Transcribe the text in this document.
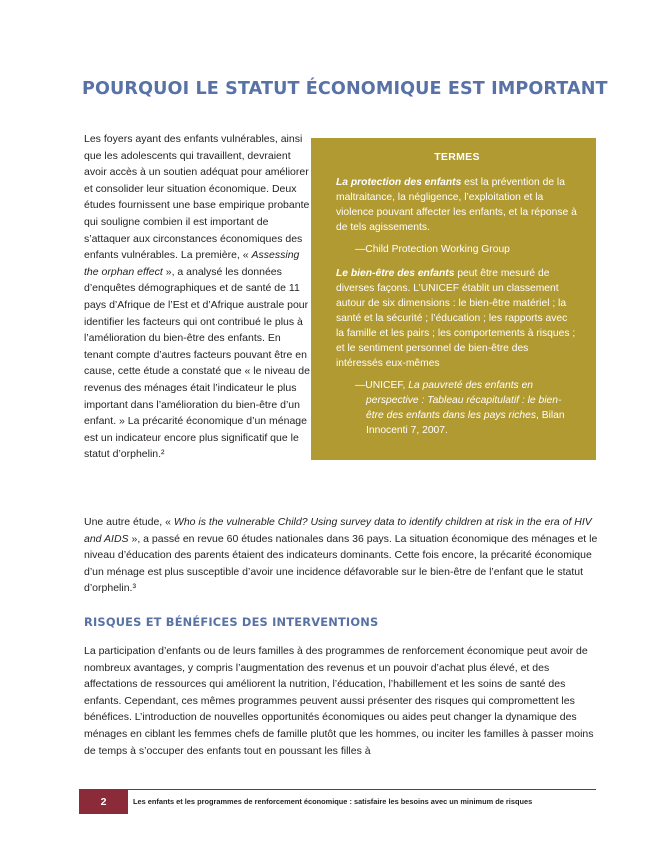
POURQUOI LE STATUT ÉCONOMIQUE EST IMPORTANT
Les foyers ayant des enfants vulnérables, ainsi que les adolescents qui travaillent, devraient avoir accès à un soutien adéquat pour améliorer et consolider leur situation économique. Deux études fournissent une base empirique probante qui souligne combien il est important de s’attaquer aux circonstances économiques des enfants vulnérables. La première, « Assessing the orphan effect », a analysé les données d’enquêtes démographiques et de santé de 11 pays d’Afrique de l’Est et d’Afrique australe pour identifier les facteurs qui ont contribué le plus à l’amélioration du bien-être des enfants. En tenant compte d’autres facteurs pouvant être en cause, cette étude a constaté que « le niveau de revenus des ménages était l’indicateur le plus important dans l’amélioration du bien-être d’un enfant. » La précarité économique d’un ménage est un indicateur encore plus significatif que le statut d’orphelin.²
TERMES
La protection des enfants est la prévention de la maltraitance, la négligence, l’exploitation et la violence pouvant affecter les enfants, et la réponse à de tels agissements.
—Child Protection Working Group
Le bien-être des enfants peut être mesuré de diverses façons. L’UNICEF établit un classement autour de six dimensions : le bien-être matériel ; la santé et la sécurité ; l’éducation ; les rapports avec la famille et les pairs ; les comportements à risques ; et le sentiment personnel de bien-être des intéressés eux-mêmes
—UNICEF, La pauvreté des enfants en perspective : Tableau récapitulatif : le bien-être des enfants dans les pays riches, Bilan Innocenti 7, 2007.
Une autre étude, « Who is the vulnerable Child? Using survey data to identify children at risk in the era of HIV and AIDS », a passé en revue 60 études nationales dans 36 pays. La situation économique des ménages et le niveau d’éducation des parents étaient des indicateurs dominants. Cette fois encore, la précarité économique d’un ménage est plus susceptible d’avoir une incidence défavorable sur le bien-être de l’enfant que le statut d’orphelin.³
RISQUES ET BÉNÉFICES DES INTERVENTIONS
La participation d’enfants ou de leurs familles à des programmes de renforcement économique peut avoir de nombreux avantages, y compris l’augmentation des revenus et un pouvoir d’achat plus élevé, et des affectations de ressources qui améliorent la nutrition, l’éducation, l’habillement et les soins de santé des enfants. Cependant, ces mêmes programmes peuvent aussi présenter des risques qui compromettent les bénéfices. L’introduction de nouvelles opportunités économiques ou aides peut changer la dynamique des ménages en ciblant les femmes chefs de famille plutôt que les hommes, ou inciter les familles à passer moins de temps à s’occuper des enfants tout en poussant les filles à
2	Les enfants et les programmes de renforcement économique : satisfaire les besoins avec un minimum de risques
